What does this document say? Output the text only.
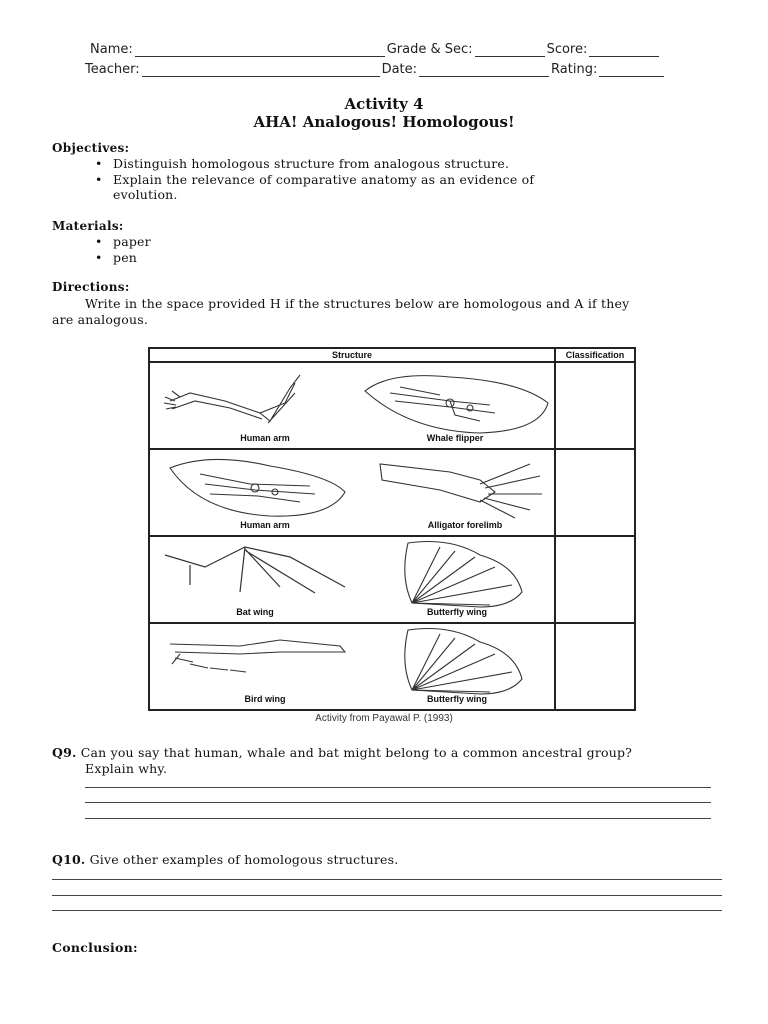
Name:	Grade & Sec:	Score:
Teacher:	Date:	Rating:
Activity 4
AHA! Analogous! Homologous!
Objectives:
• Distinguish homologous structure from analogous structure.
• Explain the relevance of comparative anatomy as an evidence of
evolution.
Materials:
• paper
• pen
Directions:
Write in the space provided H if the structures below are homologous and A if they
are analogous.
Structure	Classification

Human arm Whale flipper	

Human arm Alligator forelimb	

Bat wing Butterfly wing	

Bird wing Butterfly wing	

Activity from Payawal P. (1993)
Q9. Can you say that human, whale and bat might belong to a common ancestral group?
Explain why.
Q10. Give other examples of homologous structures.
Conclusion:
